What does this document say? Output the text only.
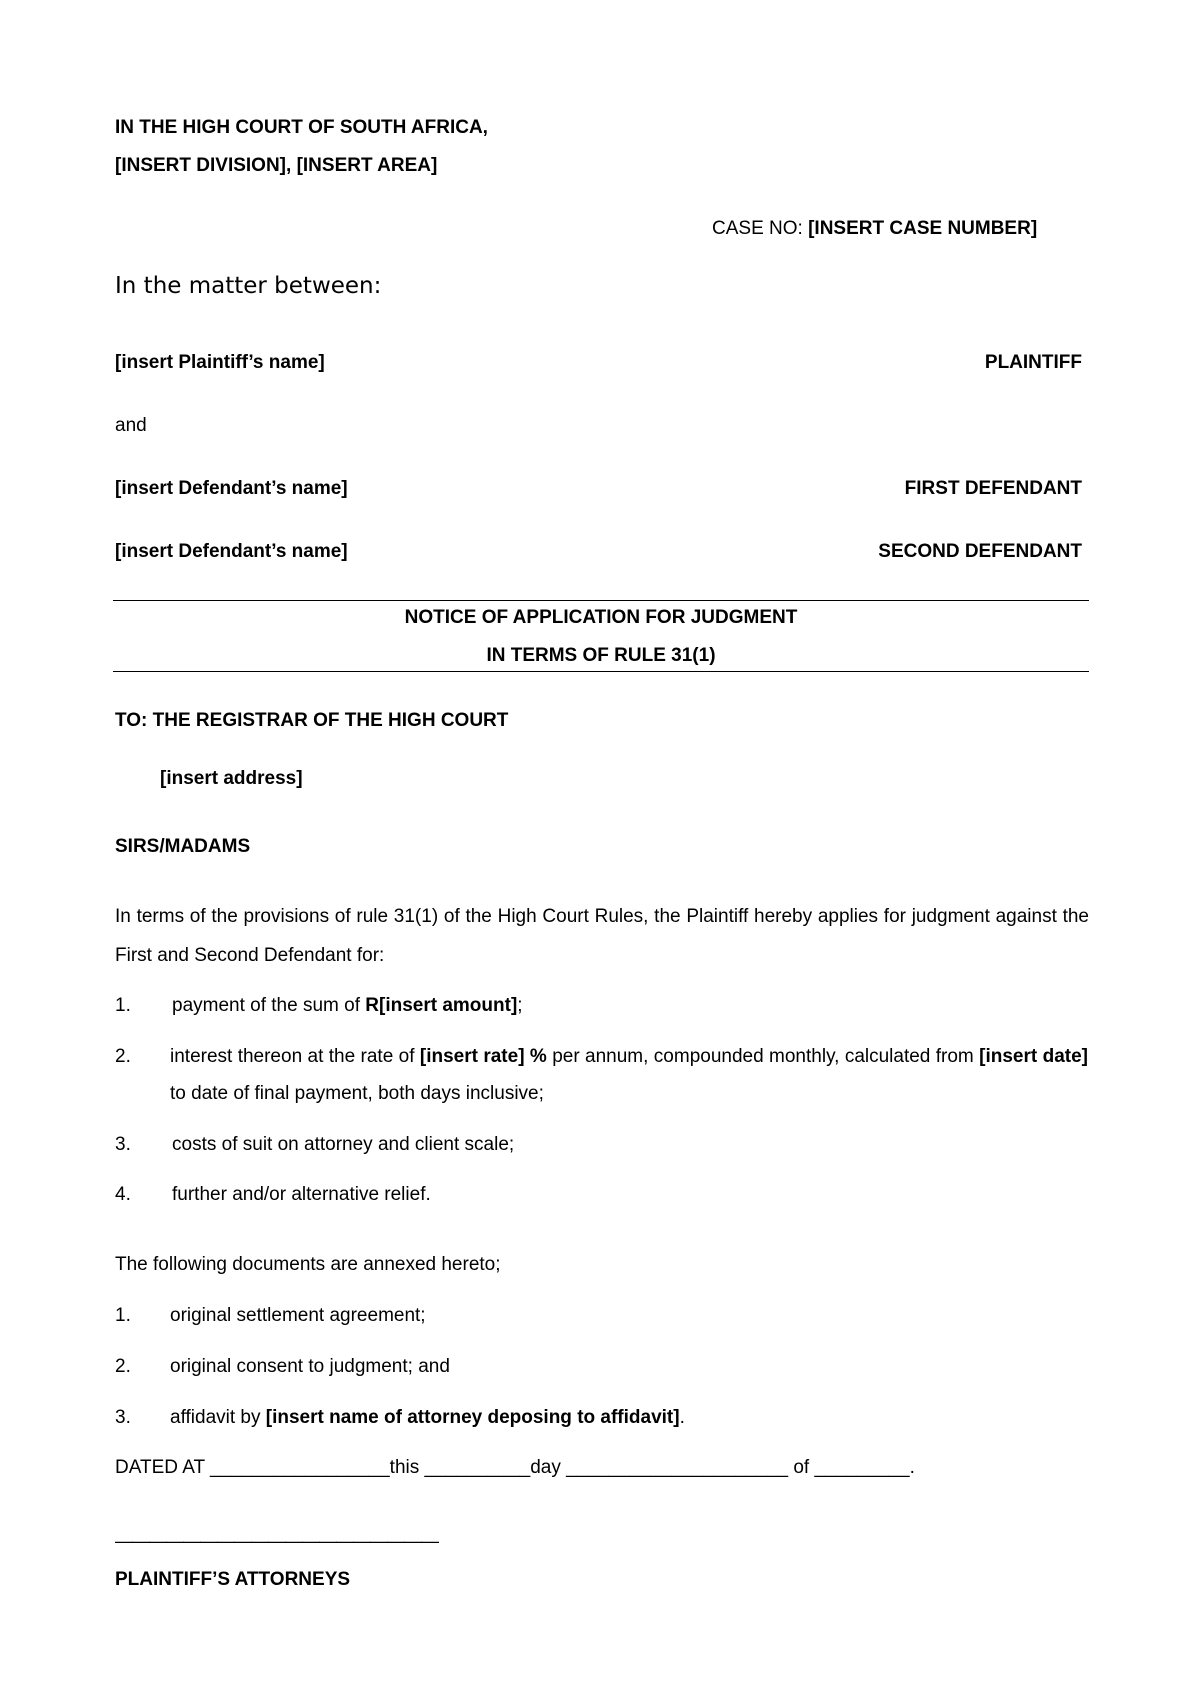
IN THE HIGH COURT OF SOUTH AFRICA,
[INSERT DIVISION], [INSERT AREA]
CASE NO: [INSERT CASE NUMBER]
In the matter between:
[insert Plaintiff’s name]	PLAINTIFF
and
[insert Defendant’s name]	FIRST DEFENDANT
[insert Defendant’s name]	SECOND DEFENDANT
NOTICE OF APPLICATION FOR JUDGMENT
IN TERMS OF RULE 31(1)
TO: THE REGISTRAR OF THE HIGH COURT
[insert address]
SIRS/MADAMS
In terms of the provisions of rule 31(1) of the High Court Rules, the Plaintiff hereby applies for judgment against the First and Second Defendant for:
1. payment of the sum of R[insert amount];
2. interest thereon at the rate of [insert rate] % per annum, compounded monthly, calculated from [insert date] to date of final payment, both days inclusive;
3. costs of suit on attorney and client scale;
4. further and/or alternative relief.
The following documents are annexed hereto;
1. original settlement agreement;
2. original consent to judgment; and
3. affidavit by [insert name of attorney deposing to affidavit].
DATED AT _________________this __________day _____________________ of _________.
———————————————————
PLAINTIFF’S ATTORNEYS
